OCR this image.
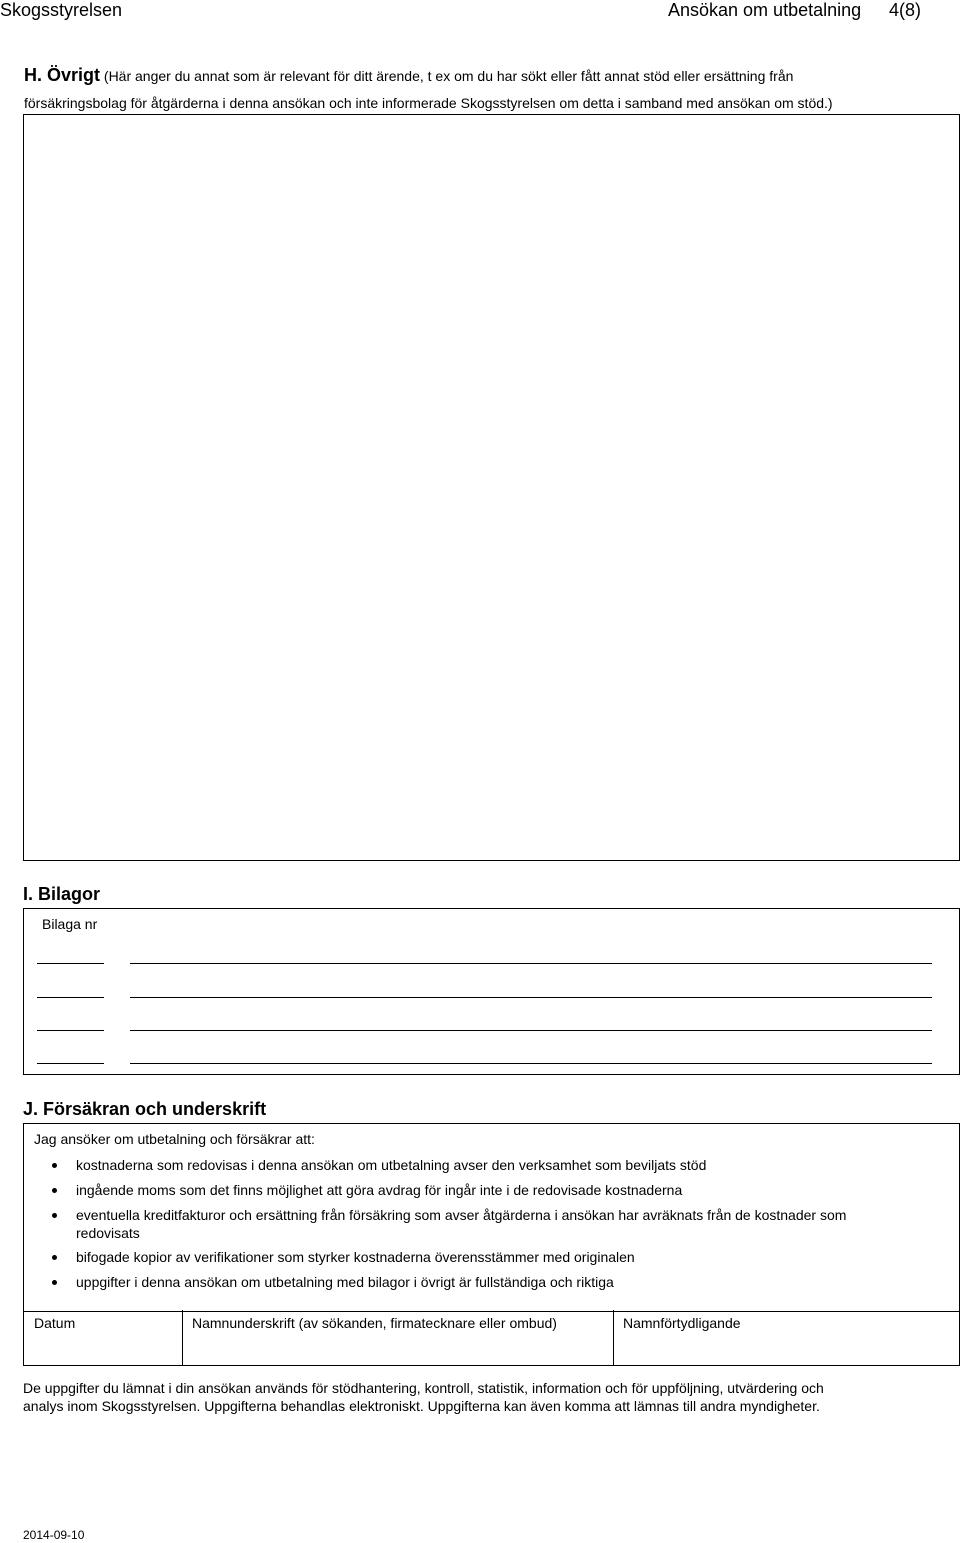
Skogsstyrelsen	Ansökan om utbetalning 4(8)
H. Övrigt (Här anger du annat som är relevant för ditt ärende, t ex om du har sökt eller fått annat stöd eller ersättning från
försäkringsbolag för åtgärderna i denna ansökan och inte informerade Skogsstyrelsen om detta i samband med ansökan om stöd.)
I. Bilagor
Bilaga nr
J. Försäkran och underskrift
Jag ansöker om utbetalning och försäkrar att:
kostnaderna som redovisas i denna ansökan om utbetalning avser den verksamhet som beviljats stöd
ingående moms som det finns möjlighet att göra avdrag för ingår inte i de redovisade kostnaderna
eventuella kreditfakturor och ersättning från försäkring som avser åtgärderna i ansökan har avräknats från de kostnader som
redovisats
bifogade kopior av verifikationer som styrker kostnaderna överensstämmer med originalen
uppgifter i denna ansökan om utbetalning med bilagor i övrigt är fullständiga och riktiga
Datum	Namnunderskrift (av sökanden, firmatecknare eller ombud)	Namnförtydligande
De uppgifter du lämnat i din ansökan används för stödhantering, kontroll, statistik, information och för uppföljning, utvärdering och
analys inom Skogsstyrelsen. Uppgifterna behandlas elektroniskt. Uppgifterna kan även komma att lämnas till andra myndigheter.
2014-09-10
